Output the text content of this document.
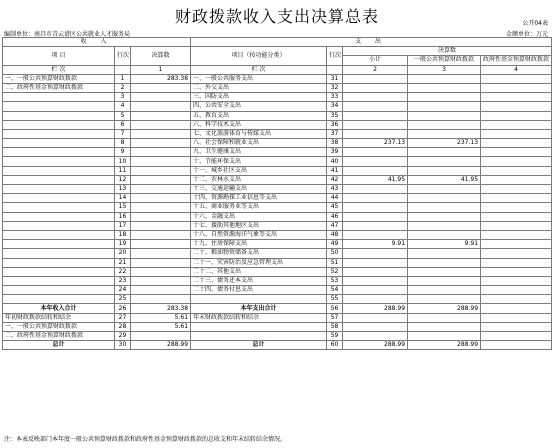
财政拨款收入支出决算总表	公开04表
编制单位：南昌市青云谱区公共就业人才服务局	金额单位：万元
收 入			支 出				
项 目	行次	决算数	项目（按功能分类）	行次	决算数		
					小计	一般公共预算财政拨款	政府性基金预算财政拨款

栏 次		1	栏 次		2	3	4
一、一般公共预算财政拨款	1	283.38	一、一般公共服务支出	31			
二、政府性基金预算财政拨款	2		二、外交支出	32			
	3		三、国防支出	33			
	4		四、公共安全支出	34			
	5		五、教育支出	35			
	6		六、科学技术支出	36			
	7		七、文化旅游体育与传媒支出	37			
	8		八、社会保障和就业支出	38	237.13	237.13	
	9		九、卫生健康支出	39			
	10		十、节能环保支出	40			
	11		十一、城乡社区支出	41			
	12		十二、农林水支出	42	41.95	41.95	
	13		十三、交通运输支出	43			
	14		十四、资源勘探工业信息等支出	44			
	15		十五、商业服务业等支出	45			
	16		十六、金融支出	46			
	17		十七、援助其他地区支出	47			
	18		十八、自然资源海洋气象等支出	48			
	19		十九、住房保障支出	49	9.91	9.91	
	20		二十、粮油物资储备支出	50			
	21		二十一、灾害防治及应急管理支出	51			
	22		二十二、其他支出	52			
	23		二十三、债务还本支出	53			
	24		二十四、债务付息支出	54			
	25			55			
本年收入合计	26	283.38	本年支出合计	56	288.99	288.99	
年初财政拨款结转和结余	27	5.61	年末财政拨款结转和结余	57			
一、一般公共预算财政拨款	28	5.61		58			
二、政府性基金预算财政拨款	29			59			
总计	30	288.99	总计	60	288.99	288.99	
注：本表反映部门本年度一般公共预算财政拨款和政府性基金预算财政拨款的总收支和年末结转结余情况。
